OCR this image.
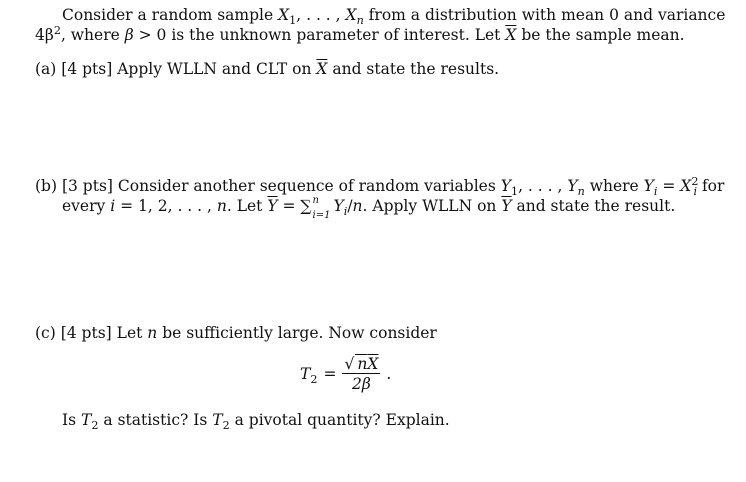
Consider a random sample $X_1$, . . . , $X_n$ from a distribution with mean 0 and variance

$4\beta^2$, where β > 0 is the unknown parameter of interest. Let $\overline{X}$ be the sample mean.

(a) [4 pts] Apply WLLN and CLT on $\overline{X}$ and state the results.

(b) [3 pts] Consider another sequence of random variables $Y_1$, . . . , $Y_n$ where $Y_i = X^2_i$ for

every i = 1, 2, . . . , n. Let $\overline{Y}$ = ∑ n
i=1
$Y_i/n$. Apply WLLN on $\overline{Y}$ and state the result.

(c) [4 pts] Let n be sufficiently large. Now consider

$T_2 = \frac{√ n\overline{X}}{2\beta}$ .

Is $T_2$ a statistic? Is $T_2$ a pivotal quantity? Explain.
